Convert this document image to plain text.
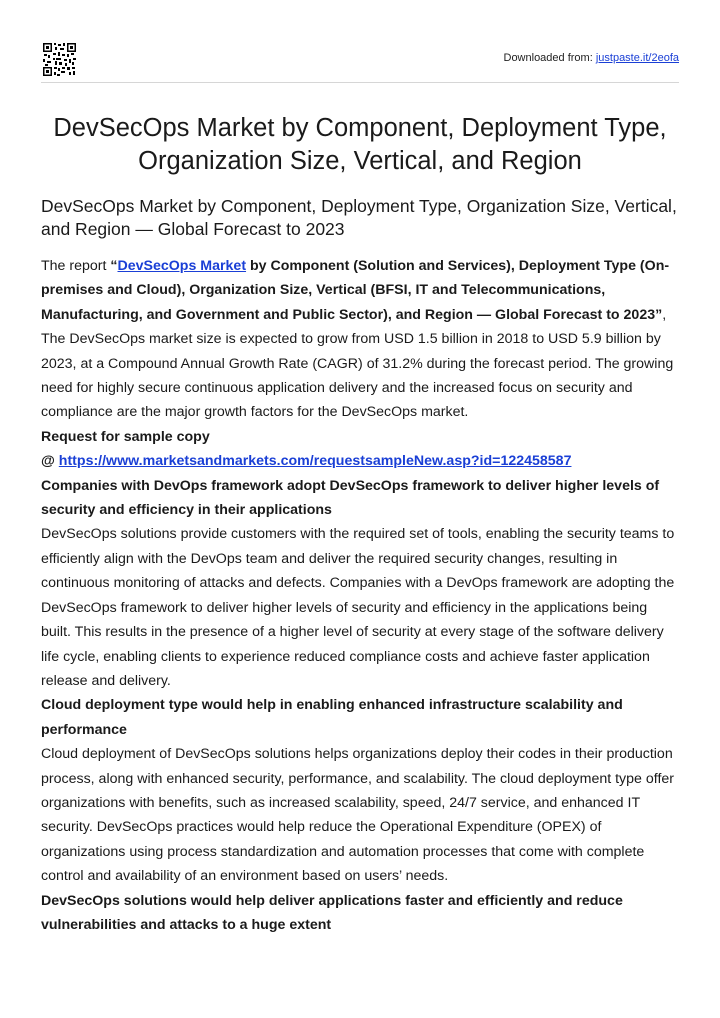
Downloaded from: justpaste.it/2eofa
DevSecOps Market by Component, Deployment Type, Organization Size, Vertical, and Region
DevSecOps Market by Component, Deployment Type, Organization Size, Vertical, and Region — Global Forecast to 2023

The report “DevSecOps Market by Component (Solution and Services), Deployment Type (On-premises and Cloud), Organization Size, Vertical (BFSI, IT and Telecommunications, Manufacturing, and Government and Public Sector), and Region — Global Forecast to 2023”, The DevSecOps market size is expected to grow from USD 1.5 billion in 2018 to USD 5.9 billion by 2023, at a Compound Annual Growth Rate (CAGR) of 31.2% during the forecast period. The growing need for highly secure continuous application delivery and the increased focus on security and compliance are the major growth factors for the DevSecOps market.

Request for sample copy

@ https://www.marketsandmarkets.com/requestsampleNew.asp?id=122458587

Companies with DevOps framework adopt DevSecOps framework to deliver higher levels of security and efficiency in their applications

DevSecOps solutions provide customers with the required set of tools, enabling the security teams to efficiently align with the DevOps team and deliver the required security changes, resulting in continuous monitoring of attacks and defects. Companies with a DevOps framework are adopting the DevSecOps framework to deliver higher levels of security and efficiency in the applications being built. This results in the presence of a higher level of security at every stage of the software delivery life cycle, enabling clients to experience reduced compliance costs and achieve faster application release and delivery.

Cloud deployment type would help in enabling enhanced infrastructure scalability and performance

Cloud deployment of DevSecOps solutions helps organizations deploy their codes in their production process, along with enhanced security, performance, and scalability. The cloud deployment type offer organizations with benefits, such as increased scalability, speed, 24/7 service, and enhanced IT security. DevSecOps practices would help reduce the Operational Expenditure (OPEX) of organizations using process standardization and automation processes that come with complete control and availability of an environment based on users’ needs.

DevSecOps solutions would help deliver applications faster and efficiently and reduce vulnerabilities and attacks to a huge extent
